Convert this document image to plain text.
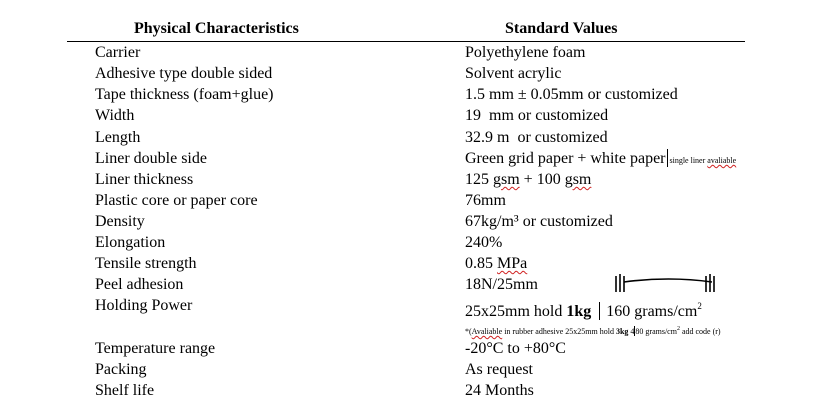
Physical Characteristics	Standard Values
Carrier	Polyethylene foam
Adhesive type double sided	Solvent acrylic
Tape thickness (foam+glue)	1.5 mm ± 0.05mm or customized
Width	19  mm or customized
Length	32.9 m  or customized
Liner double side	Green grid paper + white paper single liner avaliable
Liner thickness	125 gsm + 100 gsm
Plastic core or paper core	76mm
Density	67kg/m³ or customized
Elongation	240%
Tensile strength	0.85 MPa
Peel adhesion	18N/25mm
Holding Power	25x25mm hold 1kg 160 grams/$cm^2$
*(Avaliable in rubber adhesive 25x25mm hold 3kg 480 grams/$cm^2$ add code (r)
Temperature range	-20°C to +80°C
Packing	As request
Shelf life	24 Months
